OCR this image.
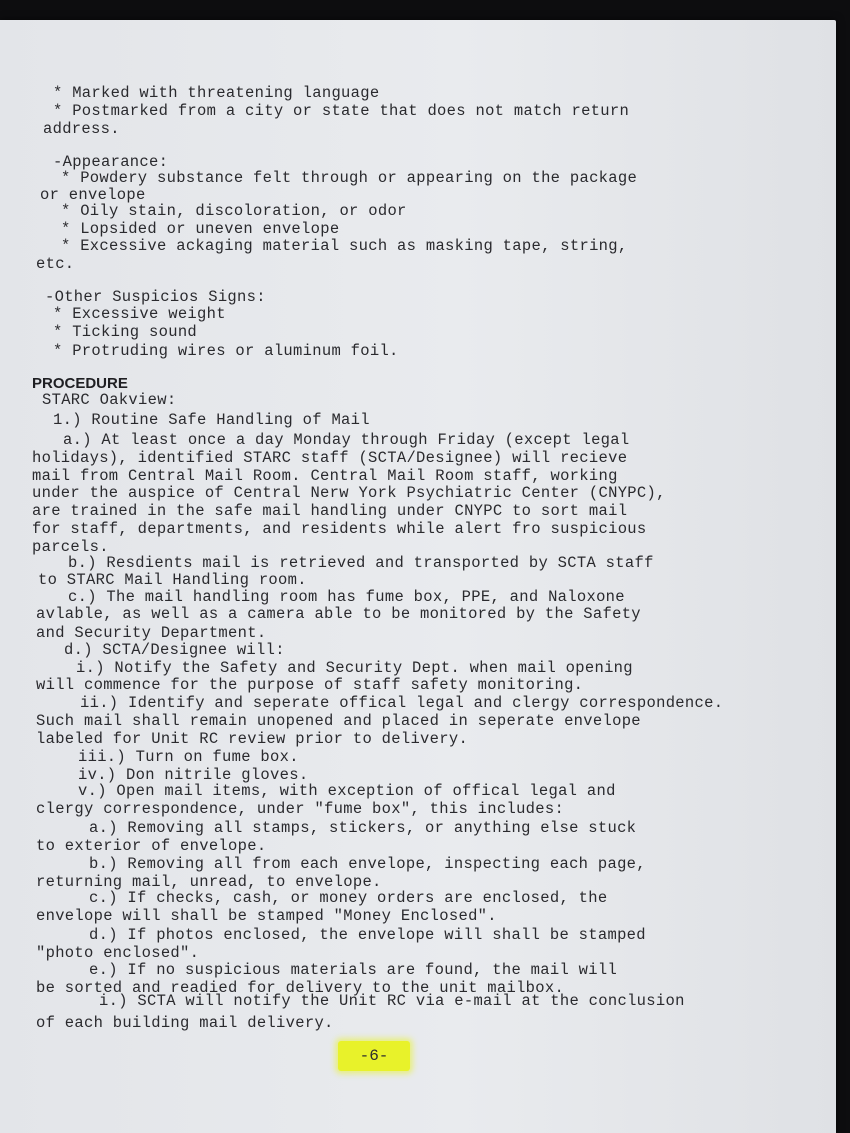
* Marked with threatening language
* Postmarked from a city or state that does not match return
address.
-Appearance:
* Powdery substance felt through or appearing on the package
or envelope
* Oily stain, discoloration, or odor
* Lopsided or uneven envelope
* Excessive ackaging material such as masking tape, string,
etc.
-Other Suspicios Signs:
* Excessive weight
* Ticking sound
* Protruding wires or aluminum foil.
PROCEDURE
STARC Oakview:
1.) Routine Safe Handling of Mail
a.) At least once a day Monday through Friday (except legal
holidays), identified STARC staff (SCTA/Designee) will recieve
mail from Central Mail Room. Central Mail Room staff, working
under the auspice of Central Nerw York Psychiatric Center (CNYPC),
are trained in the safe mail handling under CNYPC to sort mail
for staff, departments, and residents while alert fro suspicious
parcels.
b.) Resdients mail is retrieved and transported by SCTA staff
to STARC Mail Handling room.
c.) The mail handling room has fume box, PPE, and Naloxone
avlable, as well as a camera able to be monitored by the Safety
and Security Department.
d.) SCTA/Designee will:
i.) Notify the Safety and Security Dept. when mail opening
will commence for the purpose of staff safety monitoring.
ii.) Identify and seperate offical legal and clergy correspondence.
Such mail shall remain unopened and placed in seperate envelope
labeled for Unit RC review prior to delivery.
iii.) Turn on fume box.
iv.) Don nitrile gloves.
v.) Open mail items, with exception of offical legal and
clergy correspondence, under "fume box", this includes:
a.) Removing all stamps, stickers, or anything else stuck
to exterior of envelope.
b.) Removing all from each envelope, inspecting each page,
returning mail, unread, to envelope.
c.) If checks, cash, or money orders are enclosed, the
envelope will shall be stamped "Money Enclosed".
d.) If photos enclosed, the envelope will shall be stamped
"photo enclosed".
e.) If no suspicious materials are found, the mail will
be sorted and readied for delivery to the unit mailbox.
i.) SCTA will notify the Unit RC via e-mail at the conclusion
of each building mail delivery.
-6-
